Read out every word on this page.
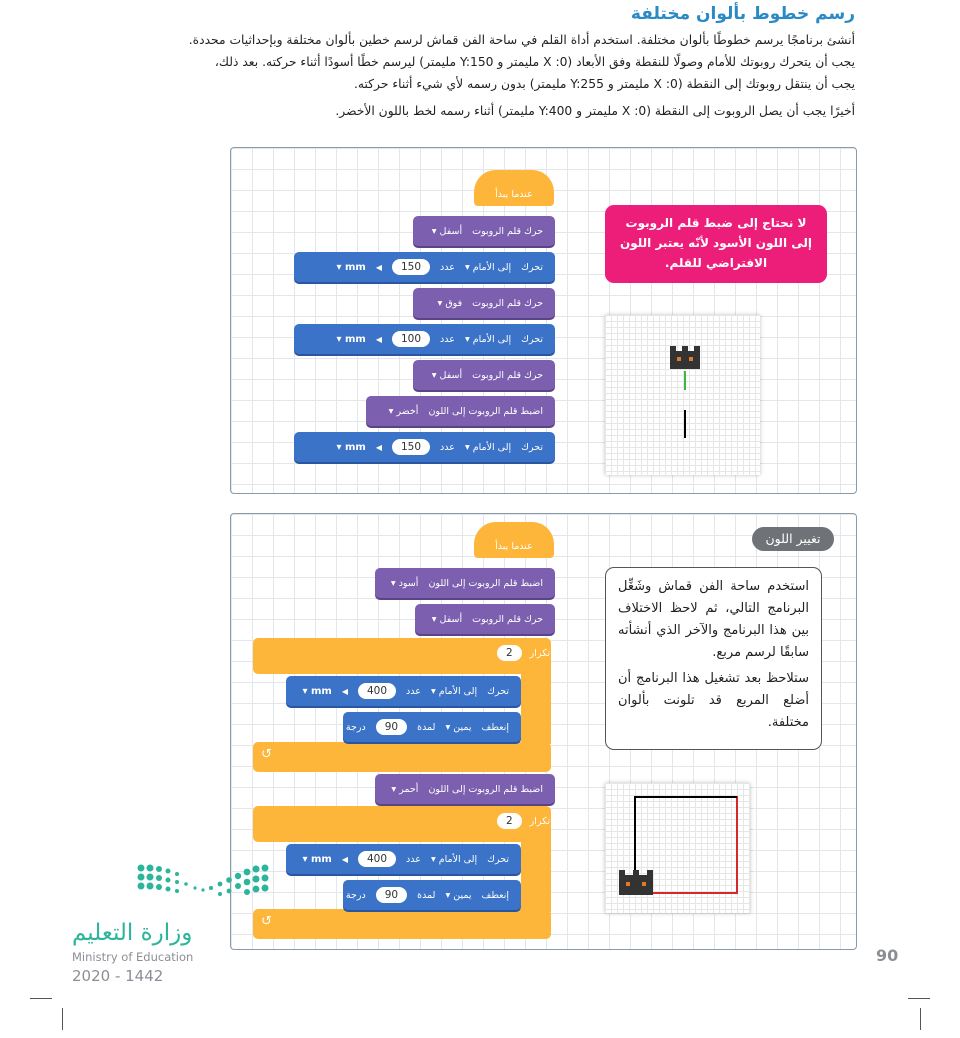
رسم خطوط بألوان مختلفة
أنشئ برنامجًا يرسم خطوطًا بألوان مختلفة. استخدم أداة القلم في ساحة الفن قماش لرسم خطين بألوان مختلفة وبإحداثيات محددة.
يجب أن يتحرك روبوتك للأمام وصولًا للنقطة وفق الأبعاد (X :0 مليمتر و Y:150 مليمتر) ليرسم خطًا أسودًا أثناء حركته. بعد ذلك،
يجب أن ينتقل روبوتك إلى النقطة (X :0 مليمتر و Y:255 مليمتر) بدون رسمه لأي شيء أثناء حركته.
أخيرًا يجب أن يصل الروبوت إلى النقطة (X :0 مليمتر و Y:400 مليمتر) أثناء رسمه لخط باللون الأخضر.
عندما يبدأ
حرك قلم الروبوت
أسفل ▾
تحرك
إلى الأمام ▾
عدد
150
◀
mm ▾
حرك قلم الروبوت
فوق ▾
تحرك
إلى الأمام ▾
عدد
100
◀
mm ▾
حرك قلم الروبوت
أسفل ▾
اضبط قلم الروبوت إلى اللون
أخضر ▾
تحرك
إلى الأمام ▾
عدد
150
◀
mm ▾
لا نحتاج إلى ضبط قلم الروبوت إلى اللون الأسود لأنّه يعتبر اللون الافتراضي للقلم.
عندما يبدأ
اضبط قلم الروبوت إلى اللون
أسود ▾
حرك قلم الروبوت
أسفل ▾
تكرار
2
↺
تحرك
إلى الأمام ▾
عدد
400
◀
mm ▾
إنعطف
يمين ▾
لمدة
90
درجة
◀
اضبط قلم الروبوت إلى اللون
أحمر ▾
تكرار
2
↺
تحرك
إلى الأمام ▾
عدد
400
◀
mm ▾
إنعطف
يمين ▾
لمدة
90
درجة
◀
تغيير اللون
استخدم ساحة الفن قماش وشَغِّل البرنامج التالي، ثم لاحظ الاختلاف بين هذا البرنامج والآخر الذي أنشأته سابقًا لرسم مربع.
ستلاحظ بعد تشغيل هذا البرنامج أن أضلع المربع قد تلونت بألوان مختلفة.
وزارة التعليم
Ministry of Education
2020 - 1442
90
